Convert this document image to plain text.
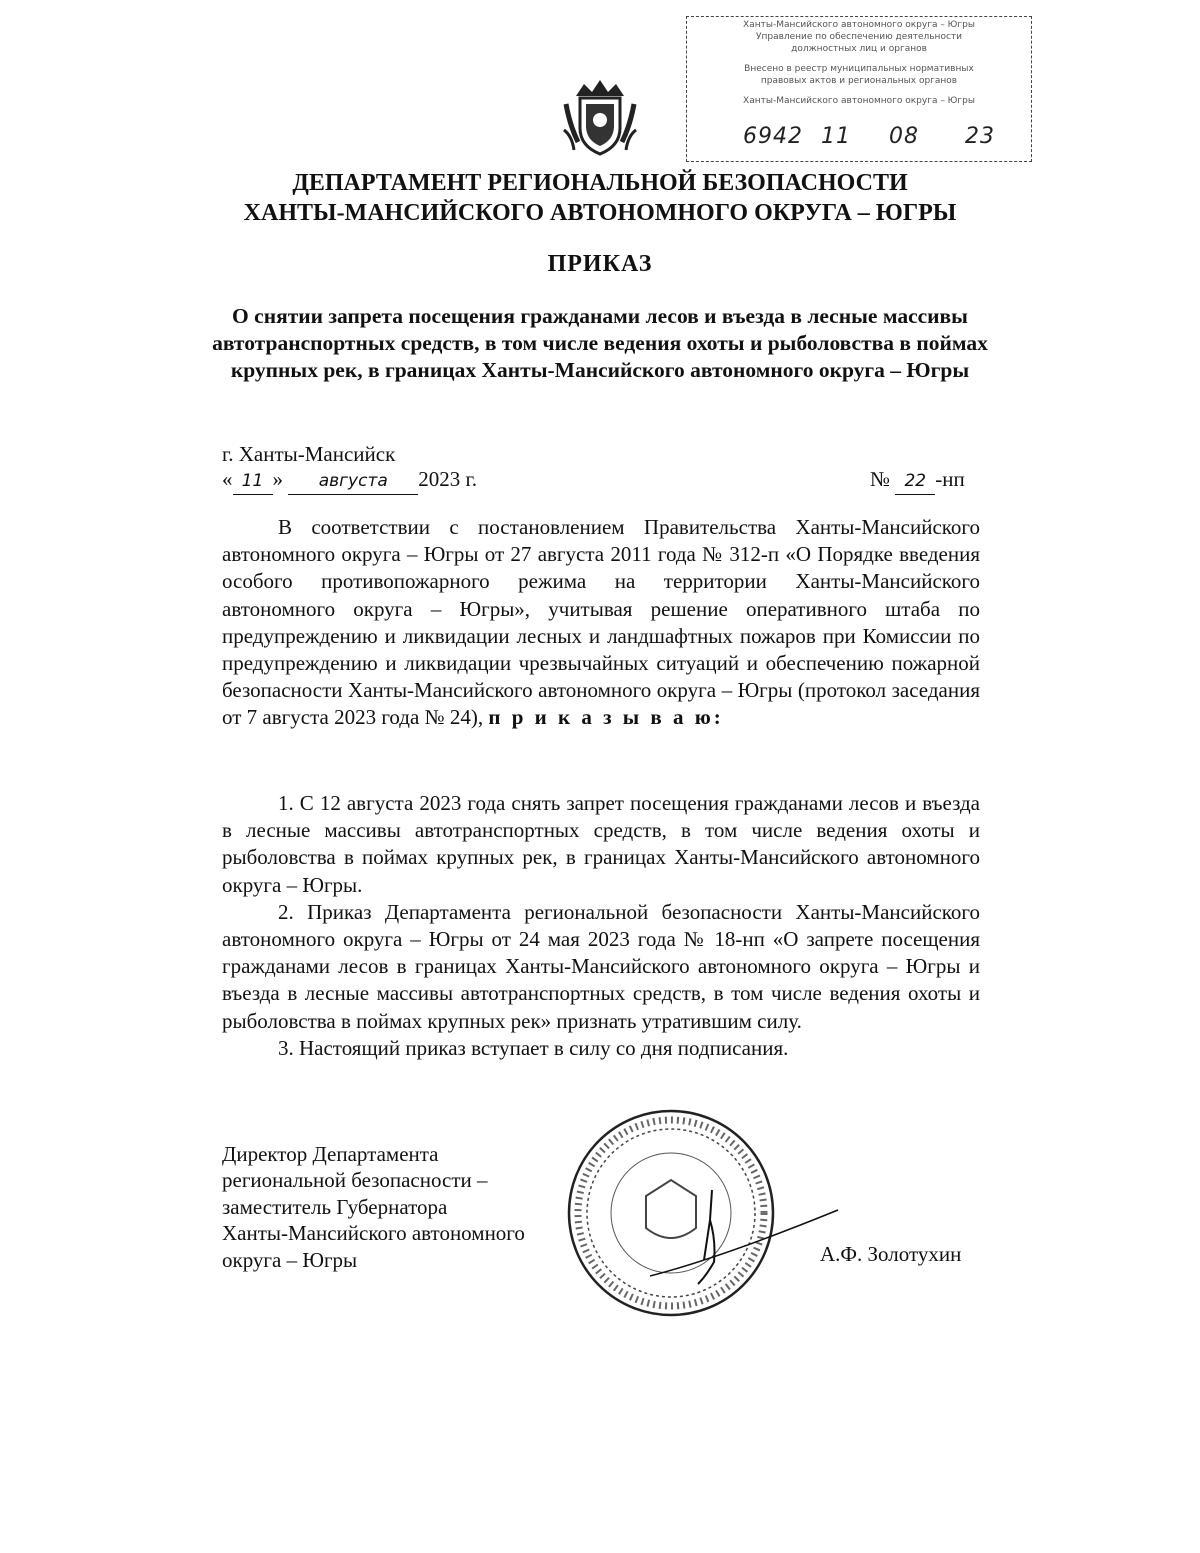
Ханты-Мансийского автономного округа – Югры
Управление по обеспечению деятельности
должностных лиц и органов
Внесено в реестр муниципальных нормативных
правовых актов и региональных органов
Ханты-Мансийского автономного округа – Югры
6942 11 08 23
ДЕПАРТАМЕНТ РЕГИОНАЛЬНОЙ БЕЗОПАСНОСТИ
ХАНТЫ-МАНСИЙСКОГО АВТОНОМНОГО ОКРУГА – ЮГРЫ
ПРИКАЗ
О снятии запрета посещения гражданами лесов и въезда в лесные массивы автотранспортных средств, в том числе ведения охоты и рыболовства в поймах крупных рек, в границах Ханты-Мансийского автономного округа – Югры
г. Ханты-Мансийск
« 11 » августа 2023 г.	№ 22 -нп

В соответствии с постановлением Правительства Ханты-Мансийского автономного округа – Югры от 27 августа 2011 года № 312-п «О Порядке введения особого противопожарного режима на территории Ханты-Мансийского автономного округа – Югры», учитывая решение оперативного штаба по предупреждению и ликвидации лесных и ландшафтных пожаров при Комиссии по предупреждению и ликвидации чрезвычайных ситуаций и обеспечению пожарной безопасности Ханты-Мансийского автономного округа – Югры (протокол заседания от 7 августа 2023 года № 24), п р и к а з ы в а ю:

1. С 12 августа 2023 года снять запрет посещения гражданами лесов и въезда в лесные массивы автотранспортных средств, в том числе ведения охоты и рыболовства в поймах крупных рек, в границах Ханты-Мансийского автономного округа – Югры.

2. Приказ Департамента региональной безопасности Ханты-Мансийского автономного округа – Югры от 24 мая 2023 года № 18-нп «О запрете посещения гражданами лесов в границах Ханты-Мансийского автономного округа – Югры и въезда в лесные массивы автотранспортных средств, в том числе ведения охоты и рыболовства в поймах крупных рек» признать утратившим силу.

3. Настоящий приказ вступает в силу со дня подписания.

Директор Департамента
региональной безопасности –
заместитель Губернатора
Ханты-Мансийского автономного
округа – Югры	А.Ф. Золотухин
